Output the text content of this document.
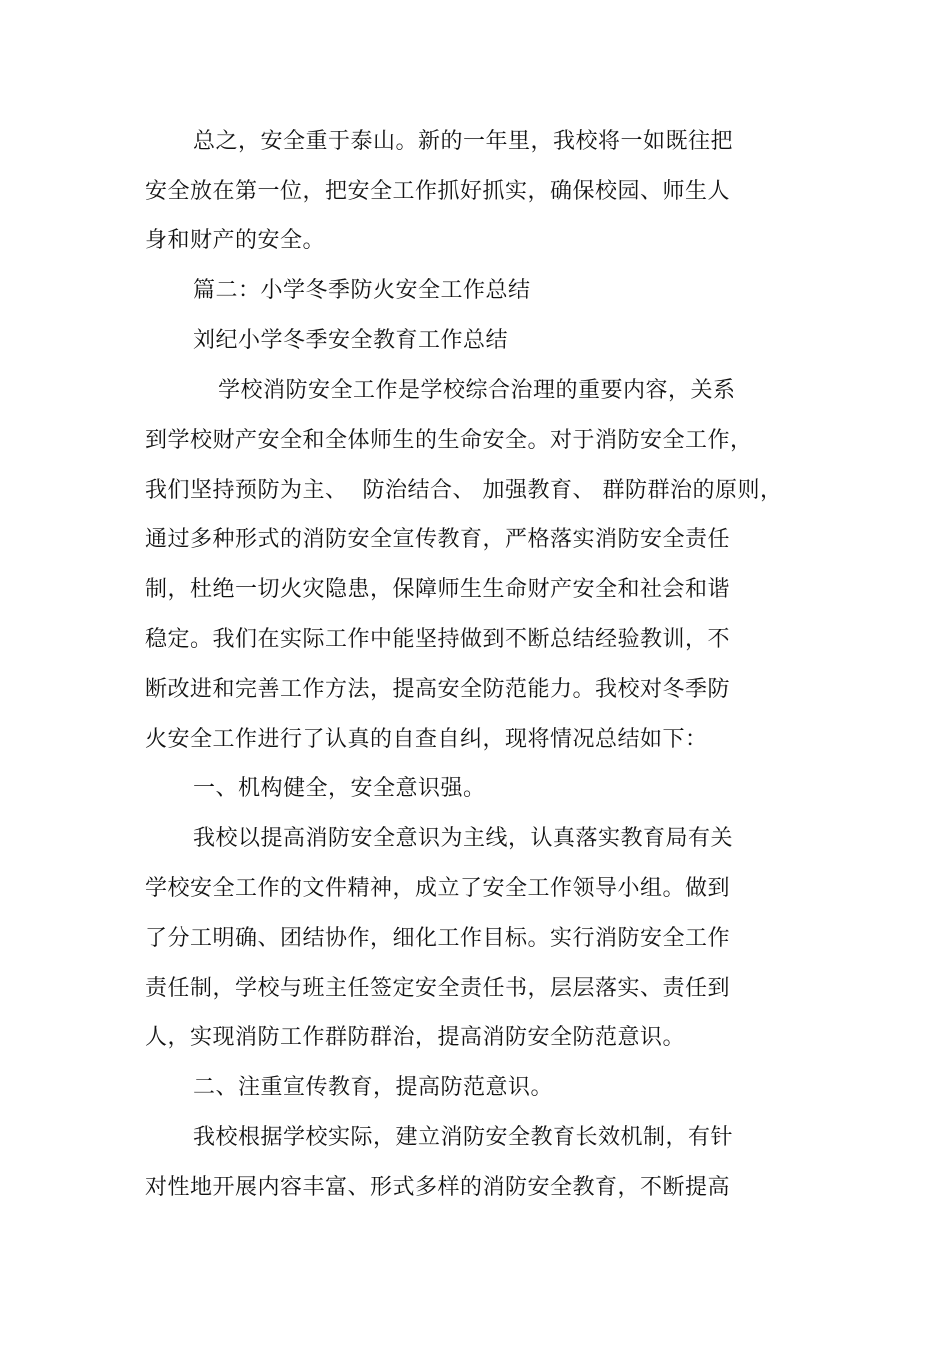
总之，安全重于泰山。新的一年里，我校将一如既往把
安全放在第一位，把安全工作抓好抓实，确保校园、师生人
身和财产的安全。
篇二：小学冬季防火安全工作总结
刘纪小学冬季安全教育工作总结
学校消防安全工作是学校综合治理的重要内容，关系
到学校财产安全和全体师生的生命安全。对于消防安全工作，
我们坚持预防为主、  防治结合、 加强教育、 群防群治的原则，
通过多种形式的消防安全宣传教育，严格落实消防安全责任
制，杜绝一切火灾隐患，保障师生生命财产安全和社会和谐
稳定。我们在实际工作中能坚持做到不断总结经验教训，不
断改进和完善工作方法，提高安全防范能力。我校对冬季防
火安全工作进行了认真的自查自纠，现将情况总结如下：
一、机构健全，安全意识强。
我校以提高消防安全意识为主线，认真落实教育局有关
学校安全工作的文件精神，成立了安全工作领导小组。做到
了分工明确、团结协作，细化工作目标。实行消防安全工作
责任制，学校与班主任签定安全责任书，层层落实、责任到
人，实现消防工作群防群治，提高消防安全防范意识。
二、注重宣传教育，提高防范意识。
我校根据学校实际，建立消防安全教育长效机制，有针
对性地开展内容丰富、形式多样的消防安全教育，不断提高
